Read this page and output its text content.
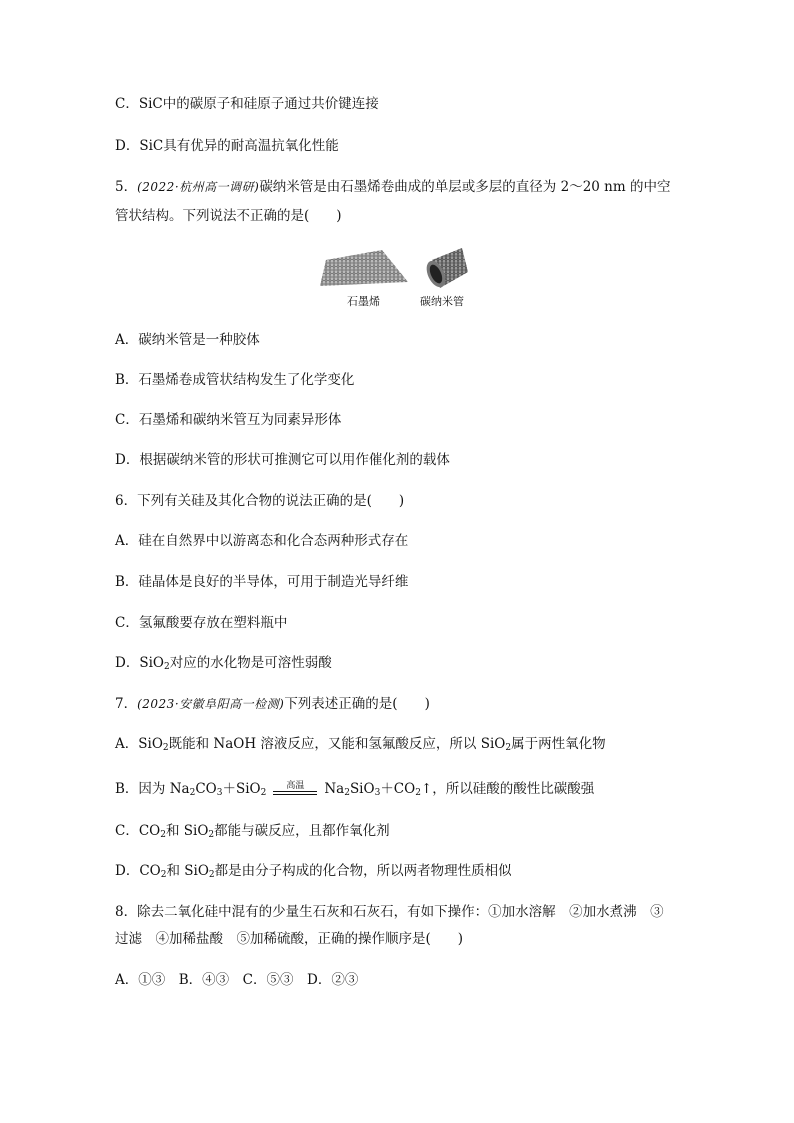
C．SiC中的碳原子和硅原子通过共价键连接
D．SiC具有优异的耐高温抗氧化性能
5．(2022·杭州高一调研)碳纳米管是由石墨烯卷曲成的单层或多层的直径为 2～20 nm 的中空
管状结构。下列说法不正确的是(　　)
石墨烯	碳纳米管
A．碳纳米管是一种胶体
B．石墨烯卷成管状结构发生了化学变化
C．石墨烯和碳纳米管互为同素异形体
D．根据碳纳米管的形状可推测它可以用作催化剂的载体
6．下列有关硅及其化合物的说法正确的是(　　)
A．硅在自然界中以游离态和化合态两种形式存在
B．硅晶体是良好的半导体，可用于制造光导纤维
C．氢氟酸要存放在塑料瓶中
D．SiO$_2$对应的水化物是可溶性弱酸
7．(2023·安徽阜阳高一检测)下列表述正确的是(　　)
A．SiO$_2$既能和 NaOH 溶液反应，又能和氢氟酸反应，所以 SiO$_2$属于两性氧化物
B．因为 $Na_2CO_3+SiO_2$
高温	$Na_2SiO_3+CO_2↑$，所以硅酸的酸性比碳酸强
C．$CO_2$和 SiO$_2$都能与碳反应，且都作氧化剂
D．$CO_2$和 SiO$_2$都是由分子构成的化合物，所以两者物理性质相似
8．除去二氧化硅中混有的少量生石灰和石灰石，有如下操作：①加水溶解　②加水煮沸　③
过滤　④加稀盐酸　⑤加稀硫酸，正确的操作顺序是(　　)
A．①③　B．④③　C．⑤③　D．②③
